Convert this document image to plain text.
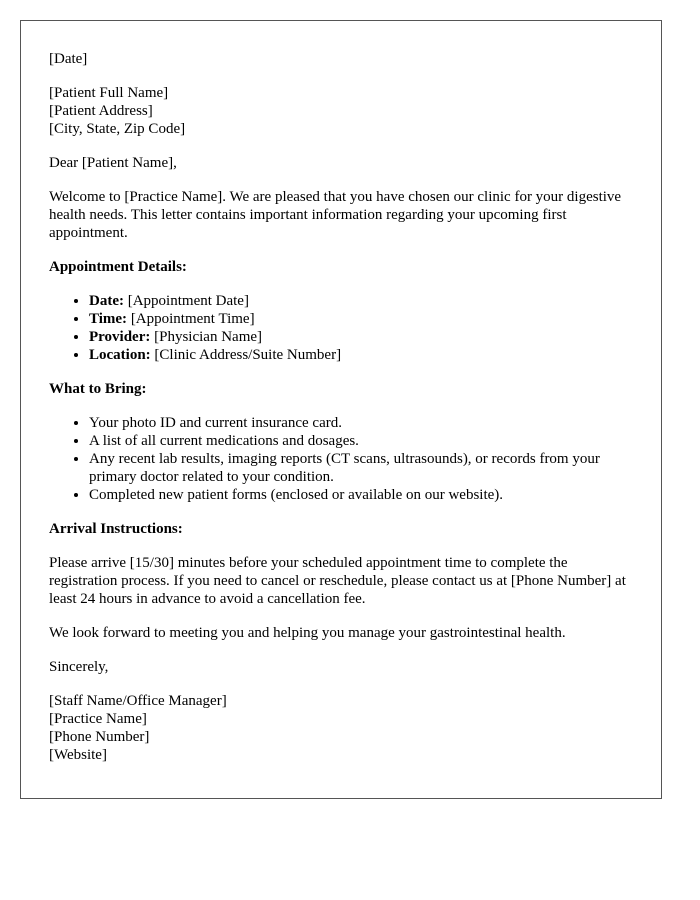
[Date]
[Patient Full Name]
[Patient Address]
[City, State, Zip Code]

Dear [Patient Name],

Welcome to [Practice Name]. We are pleased that you have chosen our clinic for your digestive health needs. This letter contains important information regarding your upcoming first appointment.

Appointment Details:

• Date: [Appointment Date]
• Time: [Appointment Time]
• Provider: [Physician Name]
• Location: [Clinic Address/Suite Number]

What to Bring:

• Your photo ID and current insurance card.
• A list of all current medications and dosages.
• Any recent lab results, imaging reports (CT scans, ultrasounds), or records from your primary doctor related to your condition.
• Completed new patient forms (enclosed or available on our website).

Arrival Instructions:

Please arrive [15/30] minutes before your scheduled appointment time to complete the registration process. If you need to cancel or reschedule, please contact us at [Phone Number] at least 24 hours in advance to avoid a cancellation fee.

We look forward to meeting you and helping you manage your gastrointestinal health.

Sincerely,

[Staff Name/Office Manager]
[Practice Name]
[Phone Number]
[Website]
